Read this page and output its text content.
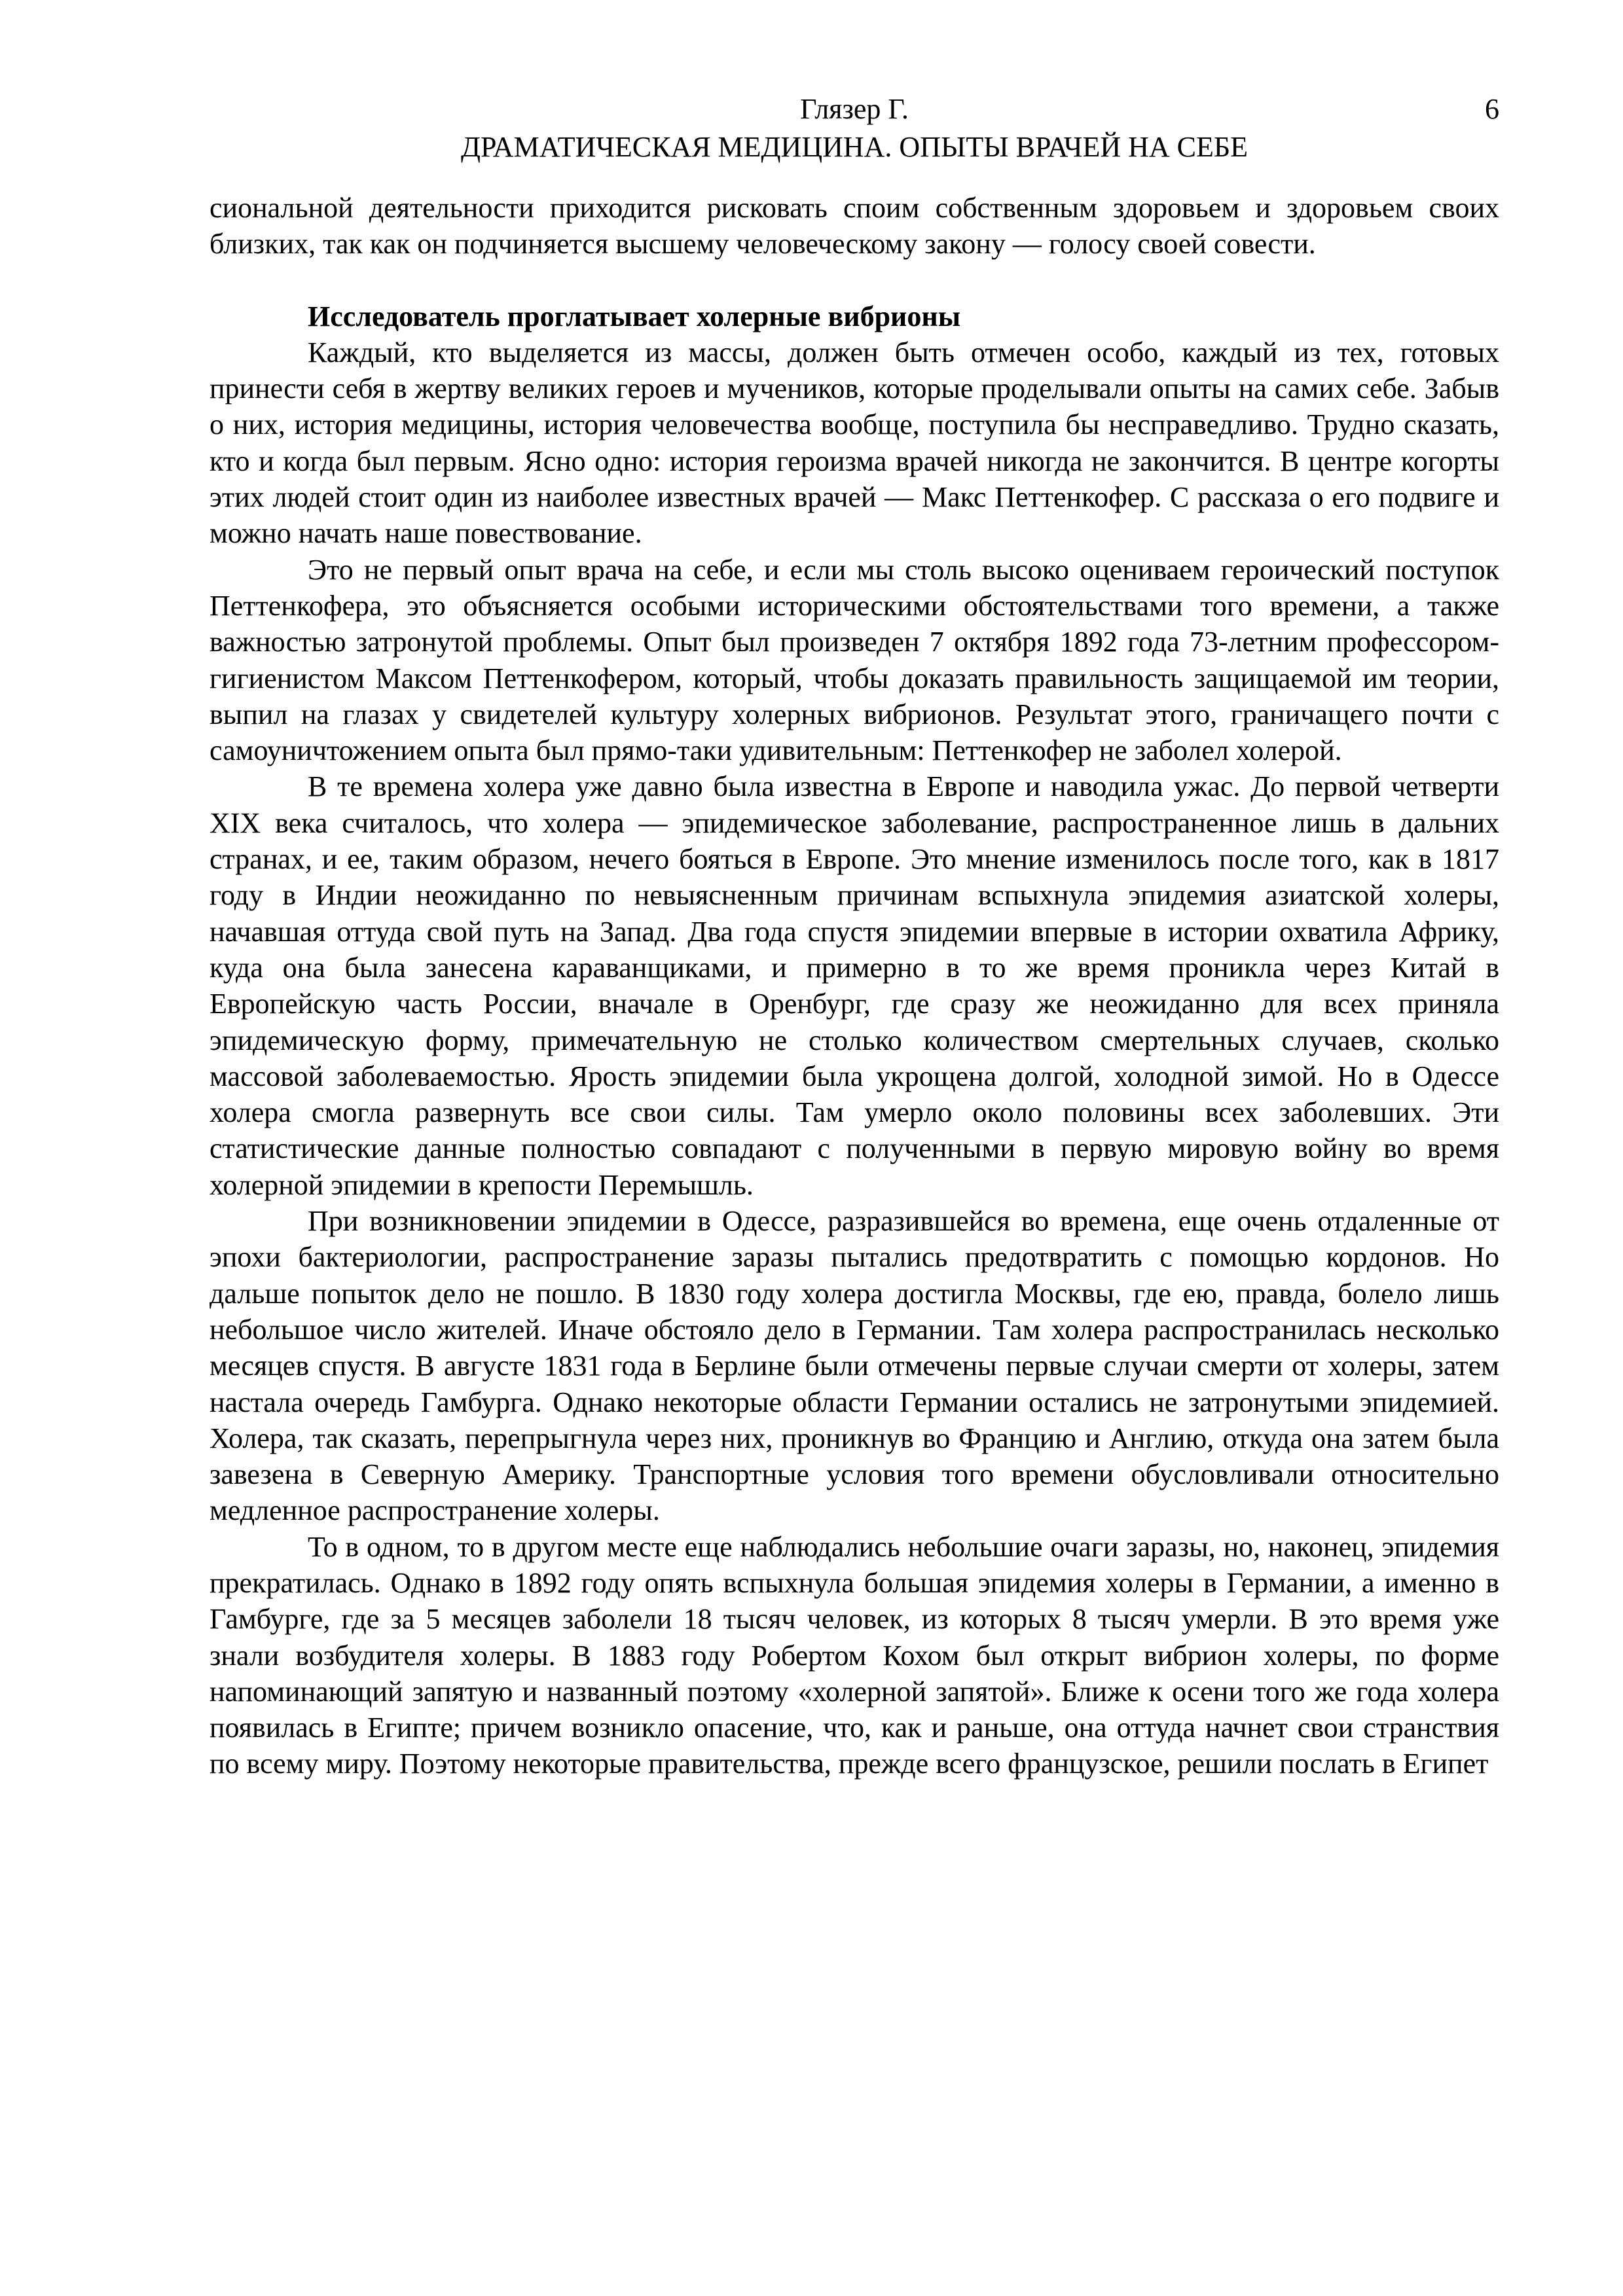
Глязер Г.
ДРАМАТИЧЕСКАЯ МЕДИЦИНА. ОПЫТЫ ВРАЧЕЙ НА СЕБЕ
6

сиональной деятельности приходится рисковать споим собственным здоровьем и здоровьем своих близких, так как он подчиняется высшему человеческому закону — голосу своей совести.

Исследователь проглатывает холерные вибрионы

Каждый, кто выделяется из массы, должен быть отмечен особо, каждый из тех, готовых принести себя в жертву великих героев и мучеников, которые проделывали опыты на самих себе. Забыв о них, история медицины, история человечества вообще, поступила бы несправедливо. Трудно сказать, кто и когда был первым. Ясно одно: история героизма врачей никогда не закончится. В центре когорты этих людей стоит один из наиболее известных врачей — Макс Петтенкофер. С рассказа о его подвиге и можно начать наше повествование.

Это не первый опыт врача на себе, и если мы столь высоко оцениваем героический поступок Петтенкофера, это объясняется особыми историческими обстоятельствами того времени, а также важностью затронутой проблемы. Опыт был произведен 7 октября 1892 года 73-летним профессором-гигиенистом Максом Петтенкофером, который, чтобы доказать правильность защищаемой им теории, выпил на глазах у свидетелей культуру холерных вибрионов. Результат этого, граничащего почти с самоуничтожением опыта был прямо-таки удивительным: Петтенкофер не заболел холерой.

В те времена холера уже давно была известна в Европе и наводила ужас. До первой четверти XIX века считалось, что холера — эпидемическое заболевание, распространенное лишь в дальних странах, и ее, таким образом, нечего бояться в Европе. Это мнение изменилось после того, как в 1817 году в Индии неожиданно по невыясненным причинам вспыхнула эпидемия азиатской холеры, начавшая оттуда свой путь на Запад. Два года спустя эпидемии впервые в истории охватила Африку, куда она была занесена караванщиками, и примерно в то же время проникла через Китай в Европейскую часть России, вначале в Оренбург, где сразу же неожиданно для всех приняла эпидемическую форму, примечательную не столько количеством смертельных случаев, сколько массовой заболеваемостью. Ярость эпидемии была укрощена долгой, холодной зимой. Но в Одессе холера смогла развернуть все свои силы. Там умерло около половины всех заболевших. Эти статистические данные полностью совпадают с полученными в первую мировую войну во время холерной эпидемии в крепости Перемышль.

При возникновении эпидемии в Одессе, разразившейся во времена, еще очень отдаленные от эпохи бактериологии, распространение заразы пытались предотвратить с помощью кордонов. Но дальше попыток дело не пошло. В 1830 году холера достигла Москвы, где ею, правда, болело лишь небольшое число жителей. Иначе обстояло дело в Германии. Там холера распространилась несколько месяцев спустя. В августе 1831 года в Берлине были отмечены первые случаи смерти от холеры, затем настала очередь Гамбурга. Однако некоторые области Германии остались не затронутыми эпидемией. Холера, так сказать, перепрыгнула через них, проникнув во Францию и Англию, откуда она затем была завезена в Северную Америку. Транспортные условия того времени обусловливали относительно медленное распространение холеры.

То в одном, то в другом месте еще наблюдались небольшие очаги заразы, но, наконец, эпидемия прекратилась. Однако в 1892 году опять вспыхнула большая эпидемия холеры в Германии, а именно в Гамбурге, где за 5 месяцев заболели 18 тысяч человек, из которых 8 тысяч умерли. В это время уже знали возбудителя холеры. В 1883 году Робертом Кохом был открыт вибрион холеры, по форме напоминающий запятую и названный поэтому «холерной запятой». Ближе к осени того же года холера появилась в Египте; причем возникло опасение, что, как и раньше, она оттуда начнет свои странствия по всему миру. Поэтому некоторые правительства, прежде всего французское, решили послать в Египет
